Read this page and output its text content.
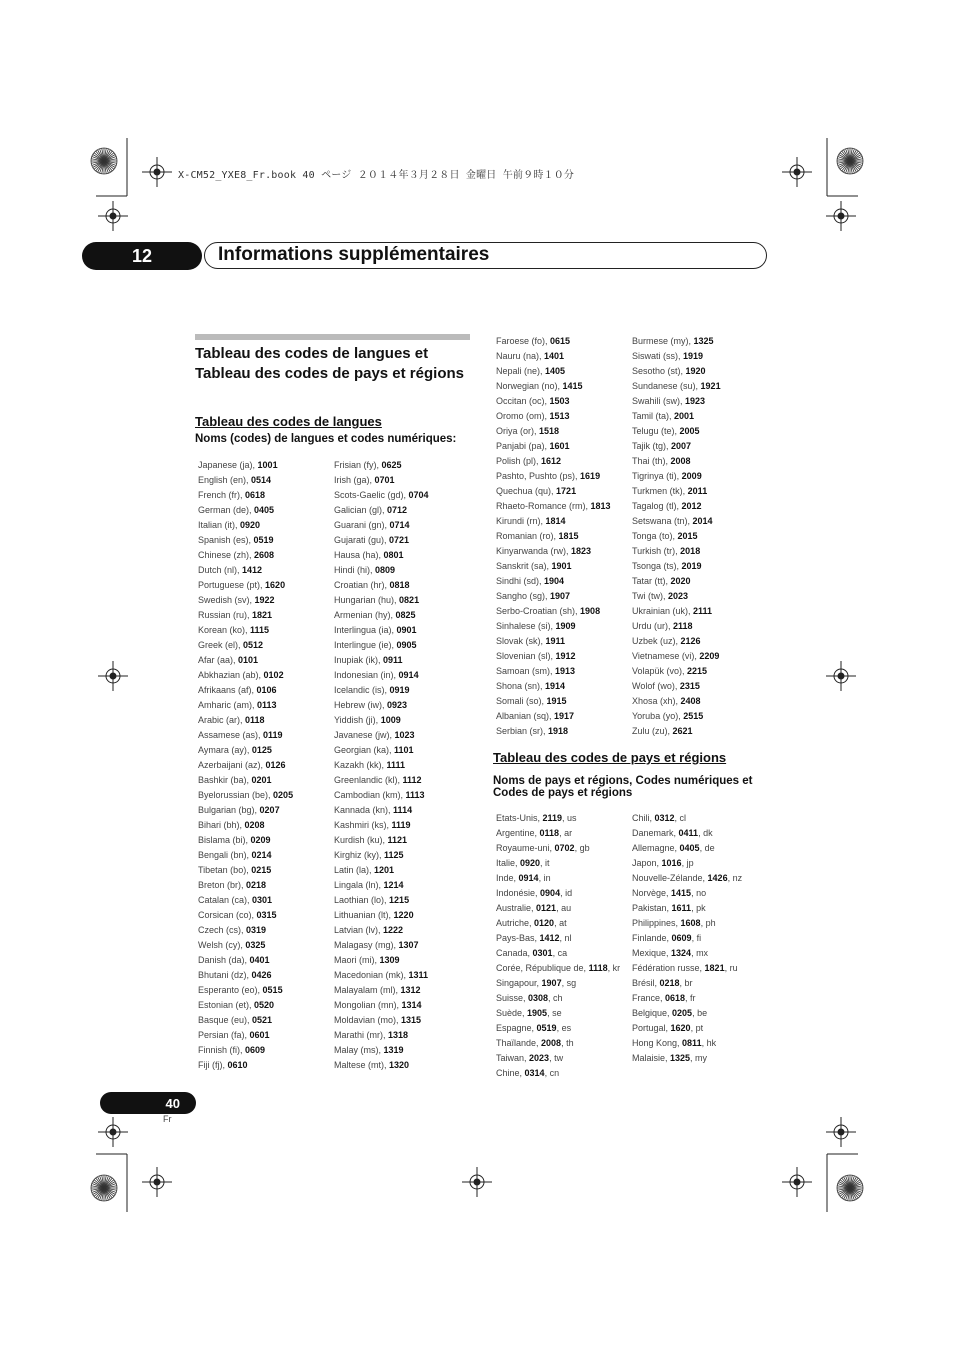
X-CM52_YXE8_Fr.book 40 ページ ２０１４年３月２８日 金曜日 午前９時１０分
12	Informations supplémentaires
Tableau des codes de langues et Tableau des codes de pays et régions
Tableau des codes de langues
Noms (codes) de langues et codes numériques:
Japanese (ja), 1001
English (en), 0514
French (fr), 0618
German (de), 0405
Italian (it), 0920
Spanish (es), 0519
Chinese (zh), 2608
Dutch (nl), 1412
Portuguese (pt), 1620
Swedish (sv), 1922
Russian (ru), 1821
Korean (ko), 1115
Greek (el), 0512
Afar (aa), 0101
Abkhazian (ab), 0102
Afrikaans (af), 0106
Amharic (am), 0113
Arabic (ar), 0118
Assamese (as), 0119
Aymara (ay), 0125
Azerbaijani (az), 0126
Bashkir (ba), 0201
Byelorussian (be), 0205
Bulgarian (bg), 0207
Bihari (bh), 0208
Bislama (bi), 0209
Bengali (bn), 0214
Tibetan (bo), 0215
Breton (br), 0218
Catalan (ca), 0301
Corsican (co), 0315
Czech (cs), 0319
Welsh (cy), 0325
Danish (da), 0401
Bhutani (dz), 0426
Esperanto (eo), 0515
Estonian (et), 0520
Basque (eu), 0521
Persian (fa), 0601
Finnish (fi), 0609
Fiji (fj), 0610
Frisian (fy), 0625
Irish (ga), 0701
Scots-Gaelic (gd), 0704
Galician (gl), 0712
Guarani (gn), 0714
Gujarati (gu), 0721
Hausa (ha), 0801
Hindi (hi), 0809
Croatian (hr), 0818
Hungarian (hu), 0821
Armenian (hy), 0825
Interlingua (ia), 0901
Interlingue (ie), 0905
Inupiak (ik), 0911
Indonesian (in), 0914
Icelandic (is), 0919
Hebrew (iw), 0923
Yiddish (ji), 1009
Javanese (jw), 1023
Georgian (ka), 1101
Kazakh (kk), 1111
Greenlandic (kl), 1112
Cambodian (km), 1113
Kannada (kn), 1114
Kashmiri (ks), 1119
Kurdish (ku), 1121
Kirghiz (ky), 1125
Latin (la), 1201
Lingala (ln), 1214
Laothian (lo), 1215
Lithuanian (lt), 1220
Latvian (lv), 1222
Malagasy (mg), 1307
Maori (mi), 1309
Macedonian (mk), 1311
Malayalam (ml), 1312
Mongolian (mn), 1314
Moldavian (mo), 1315
Marathi (mr), 1318
Malay (ms), 1319
Maltese (mt), 1320
Faroese (fo), 0615
Nauru (na), 1401
Nepali (ne), 1405
Norwegian (no), 1415
Occitan (oc), 1503
Oromo (om), 1513
Oriya (or), 1518
Panjabi (pa), 1601
Polish (pl), 1612
Pashto, Pushto (ps), 1619
Quechua (qu), 1721
Rhaeto-Romance (rm), 1813
Kirundi (rn), 1814
Romanian (ro), 1815
Kinyarwanda (rw), 1823
Sanskrit (sa), 1901
Sindhi (sd), 1904
Sangho (sg), 1907
Serbo-Croatian (sh), 1908
Sinhalese (si), 1909
Slovak (sk), 1911
Slovenian (sl), 1912
Samoan (sm), 1913
Shona (sn), 1914
Somali (so), 1915
Albanian (sq), 1917
Serbian (sr), 1918
Burmese (my), 1325
Siswati (ss), 1919
Sesotho (st), 1920
Sundanese (su), 1921
Swahili (sw), 1923
Tamil (ta), 2001
Telugu (te), 2005
Tajik (tg), 2007
Thai (th), 2008
Tigrinya (ti), 2009
Turkmen (tk), 2011
Tagalog (tl), 2012
Setswana (tn), 2014
Tonga (to), 2015
Turkish (tr), 2018
Tsonga (ts), 2019
Tatar (tt), 2020
Twi (tw), 2023
Ukrainian (uk), 2111
Urdu (ur), 2118
Uzbek (uz), 2126
Vietnamese (vi), 2209
Volapük (vo), 2215
Wolof (wo), 2315
Xhosa (xh), 2408
Yoruba (yo), 2515
Zulu (zu), 2621
Tableau des codes de pays et régions
Noms de pays et régions, Codes numériques et Codes de pays et régions
Etats-Unis, 2119, us
Argentine, 0118, ar
Royaume-uni, 0702, gb
Italie, 0920, it
Inde, 0914, in
Indonésie, 0904, id
Australie, 0121, au
Autriche, 0120, at
Pays-Bas, 1412, nl
Canada, 0301, ca
Corée, République de, 1118, kr
Singapour, 1907, sg
Suisse, 0308, ch
Suède, 1905, se
Espagne, 0519, es
Thaïlande, 2008, th
Taiwan, 2023, tw
Chine, 0314, cn
Chili, 0312, cl
Danemark, 0411, dk
Allemagne, 0405, de
Japon, 1016, jp
Nouvelle-Zélande, 1426, nz
Norvège, 1415, no
Pakistan, 1611, pk
Philippines, 1608, ph
Finlande, 0609, fi
Mexique, 1324, mx
Fédération russe, 1821, ru
Brésil, 0218, br
France, 0618, fr
Belgique, 0205, be
Portugal, 1620, pt
Hong Kong, 0811, hk
Malaisie, 1325, my
40
Fr
